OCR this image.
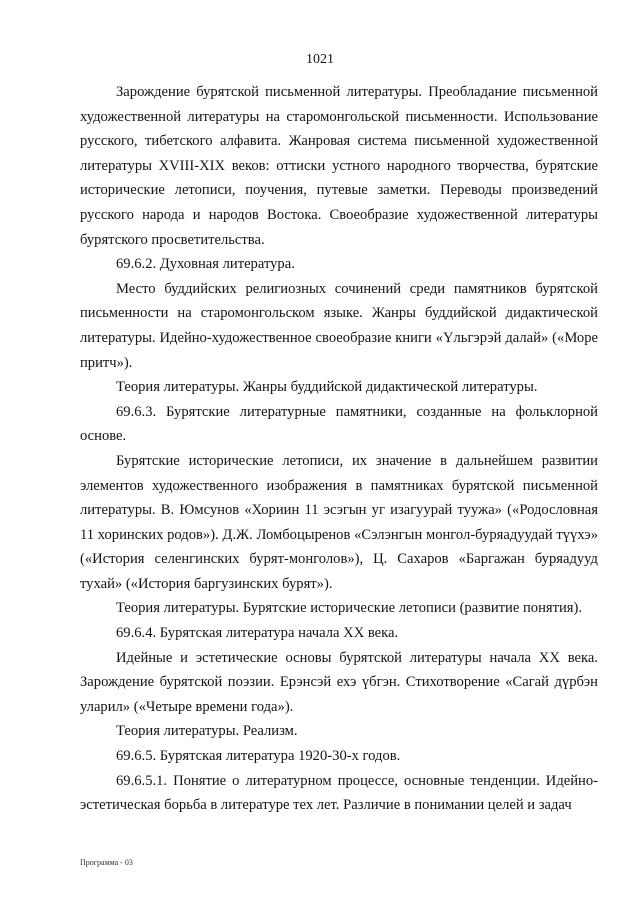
1021

Зарождение бурятской письменной литературы. Преобладание письменной художественной литературы на старомонгольской письменности. Использование русского, тибетского алфавита. Жанровая система письменной художественной литературы XVIII-XIX веков: оттиски устного народного творчества, бурятские исторические летописи, поучения, путевые заметки. Переводы произведений русского народа и народов Востока. Своеобразие художественной литературы бурятского просветительства.

69.6.2. Духовная литература.

Место буддийских религиозных сочинений среди памятников бурятской письменности на старомонгольском языке. Жанры буддийской дидактической литературы. Идейно-художественное своеобразие книги «Үльгэрэй далай» («Море притч»).

Теория литературы. Жанры буддийской дидактической литературы.

69.6.3. Бурятские литературные памятники, созданные на фольклорной основе.

Бурятские исторические летописи, их значение в дальнейшем развитии элементов художественного изображения в памятниках бурятской письменной литературы. В. Юмсунов «Хориин 11 эсэгын уг изагуурай туужа» («Родословная 11 хоринских родов»). Д.Ж. Ломбоцыренов «Сэлэнгын монгол-буряадуудай түүхэ» («История селенгинских бурят-монголов»), Ц. Сахаров «Баргажан буряадууд тухай» («История баргузинских бурят»).

Теория литературы. Бурятские исторические летописи (развитие понятия).

69.6.4. Бурятская литература начала XX века.

Идейные и эстетические основы бурятской литературы начала XX века. Зарождение бурятской поэзии. Ерэнсэй ехэ үбгэн. Стихотворение «Сагай дүрбэн уларил» («Четыре времени года»).

Теория литературы. Реализм.

69.6.5. Бурятская литература 1920-30-х годов.

69.6.5.1. Понятие о литературном процессе, основные тенденции. Идейно-эстетическая борьба в литературе тех лет. Различие в понимании целей и задач

Программа - 03
